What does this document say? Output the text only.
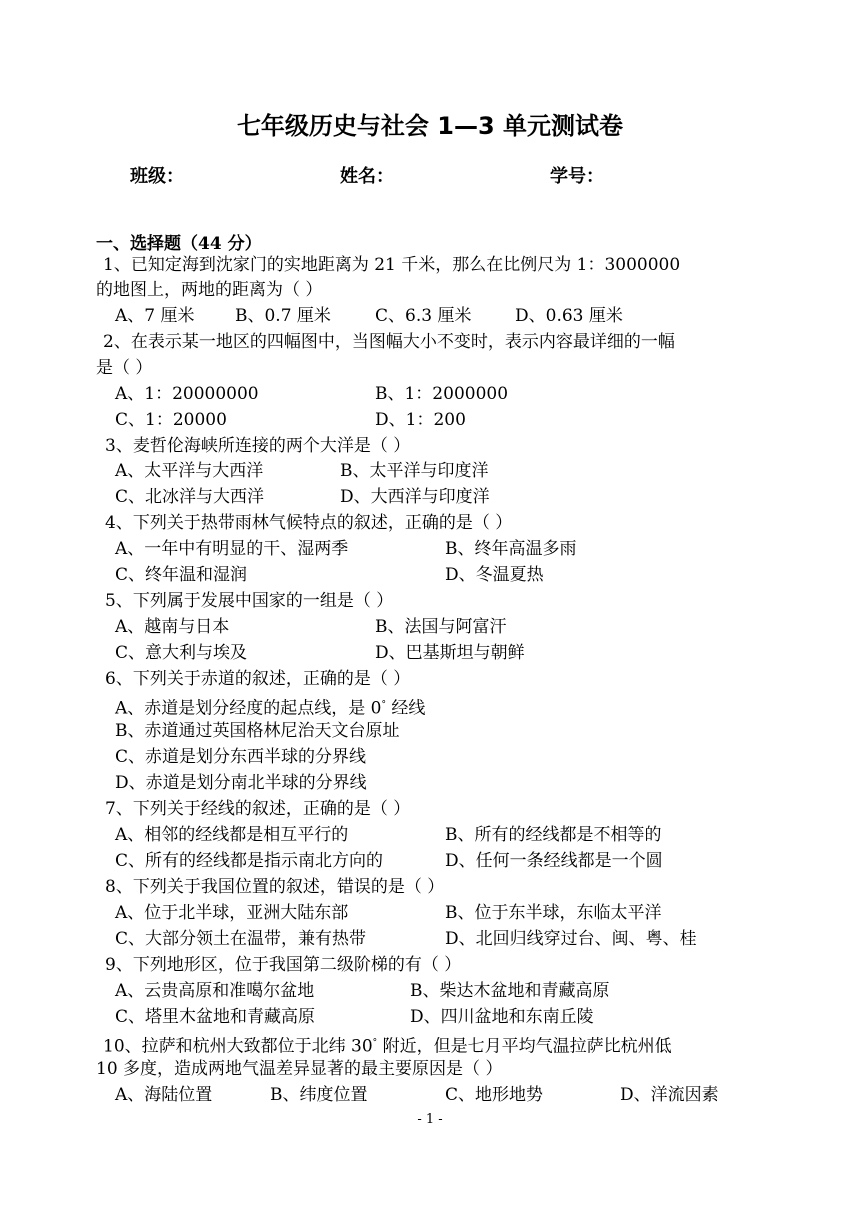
七年级历史与社会 1—3 单元测试卷
班级：	姓名：	学号：
一、选择题（44 分）
1、已知定海到沈家门的实地距离为 21 千米，那么在比例尺为 1：3000000
的地图上，两地的距离为（ ）
A、7 厘米 B、0.7 厘米	C、6.3 厘米	D、0.63 厘米
2、在表示某一地区的四幅图中，当图幅大小不变时，表示内容最详细的一幅
是（ ）
A、1：20000000	B、1：2000000
C、1：20000	D、1：200
3、麦哲伦海峡所连接的两个大洋是（ ）
A、太平洋与大西洋	B、太平洋与印度洋
C、北冰洋与大西洋	D、大西洋与印度洋
4、下列关于热带雨林气候特点的叙述，正确的是（ ）
A、一年中有明显的干、湿两季	B、终年高温多雨
C、终年温和湿润	D、冬温夏热
5、下列属于发展中国家的一组是（ ）
A、越南与日本	B、法国与阿富汗
C、意大利与埃及	D、巴基斯坦与朝鲜
6、下列关于赤道的叙述，正确的是（ ）
A、赤道是划分经度的起点线，是 0° 经线
B、赤道通过英国格林尼治天文台原址
C、赤道是划分东西半球的分界线
D、赤道是划分南北半球的分界线
7、下列关于经线的叙述，正确的是（ ）
A、相邻的经线都是相互平行的	B、所有的经线都是不相等的
C、所有的经线都是指示南北方向的	D、任何一条经线都是一个圆
8、下列关于我国位置的叙述，错误的是（ ）
A、位于北半球，亚洲大陆东部	B、位于东半球，东临太平洋
C、大部分领土在温带，兼有热带	D、北回归线穿过台、闽、粤、桂
9、下列地形区，位于我国第二级阶梯的有（ ）
A、云贵高原和准噶尔盆地	B、柴达木盆地和青藏高原
C、塔里木盆地和青藏高原	D、四川盆地和东南丘陵
10、拉萨和杭州大致都位于北纬 30° 附近，但是七月平均气温拉萨比杭州低
10 多度，造成两地气温差异显著的最主要原因是（ ）
A、海陆位置	B、纬度位置	C、地形地势	D、洋流因素
- 1 -
